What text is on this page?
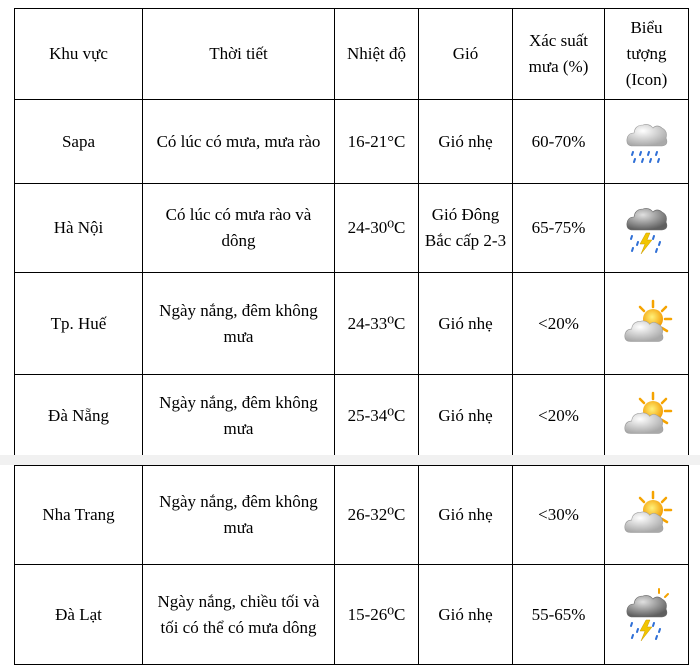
Khu vực	Thời tiết	Nhiệt độ	Gió	Xác suất mưa (%)	Biểu tượng (Icon)
Sapa	Có lúc có mưa, mưa rào	16-21°C	Gió nhẹ	60-70%	

Hà Nội	Có lúc có mưa rào và dông	24-30⁰C	Gió Đông Bắc cấp 2-3	65-75%	

Tp. Huế	Ngày nắng, đêm không mưa	24-33⁰C	Gió nhẹ	<20%	

Đà Nẵng	Ngày nắng, đêm không mưa	25-34⁰C	Gió nhẹ	<20%	
Nha Trang	Ngày nắng, đêm không mưa	26-32⁰C	Gió nhẹ	<30%	

Đà Lạt	Ngày nắng, chiều tối và tối có thể có mưa dông	15-26⁰C	Gió nhẹ	55-65%	
